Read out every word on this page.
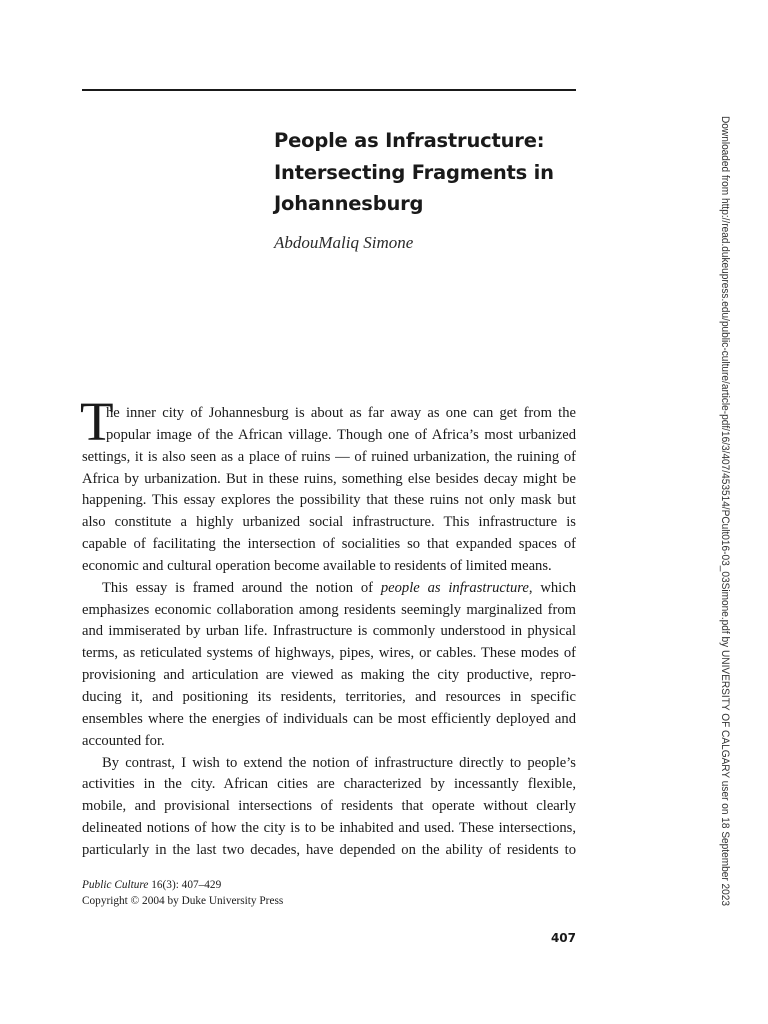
People as Infrastructure:
Intersecting Fragments in
Johannesburg
AbdouMaliq Simone
T
he inner city of Johannesburg is about as far away as one can get from the
popular image of the African village. Though one of Africa’s most urbanized
settings, it is also seen as a place of ruins — of ruined urbanization, the ruining of
Africa by urbanization. But in these ruins, something else besides decay might be
happening. This essay explores the possibility that these ruins not only mask but
also constitute a highly urbanized social infrastructure. This infrastructure is
capable of facilitating the intersection of socialities so that expanded spaces of
economic and cultural operation become available to residents of limited means.
This essay is framed around the notion of people as infrastructure, which
emphasizes economic collaboration among residents seemingly marginalized from
and immiserated by urban life. Infrastructure is commonly understood in physical
terms, as reticulated systems of highways, pipes, wires, or cables. These modes of
provisioning and articulation are viewed as making the city productive, repro-
ducing it, and positioning its residents, territories, and resources in specific
ensembles where the energies of individuals can be most efficiently deployed and
accounted for.
By contrast, I wish to extend the notion of infrastructure directly to people’s
activities in the city. African cities are characterized by incessantly flexible,
mobile, and provisional intersections of residents that operate without clearly
delineated notions of how the city is to be inhabited and used. These intersections,
particularly in the last two decades, have depended on the ability of residents to
Public Culture 16(3): 407–429
Copyright © 2004 by Duke University Press
407
Downloaded from http://read.dukeupress.edu/public-culture/article-pdf/16/3/407/453514/PCult016-03_03Simone.pdf by UNIVERSITY OF CALGARY user on 18 September 2023
